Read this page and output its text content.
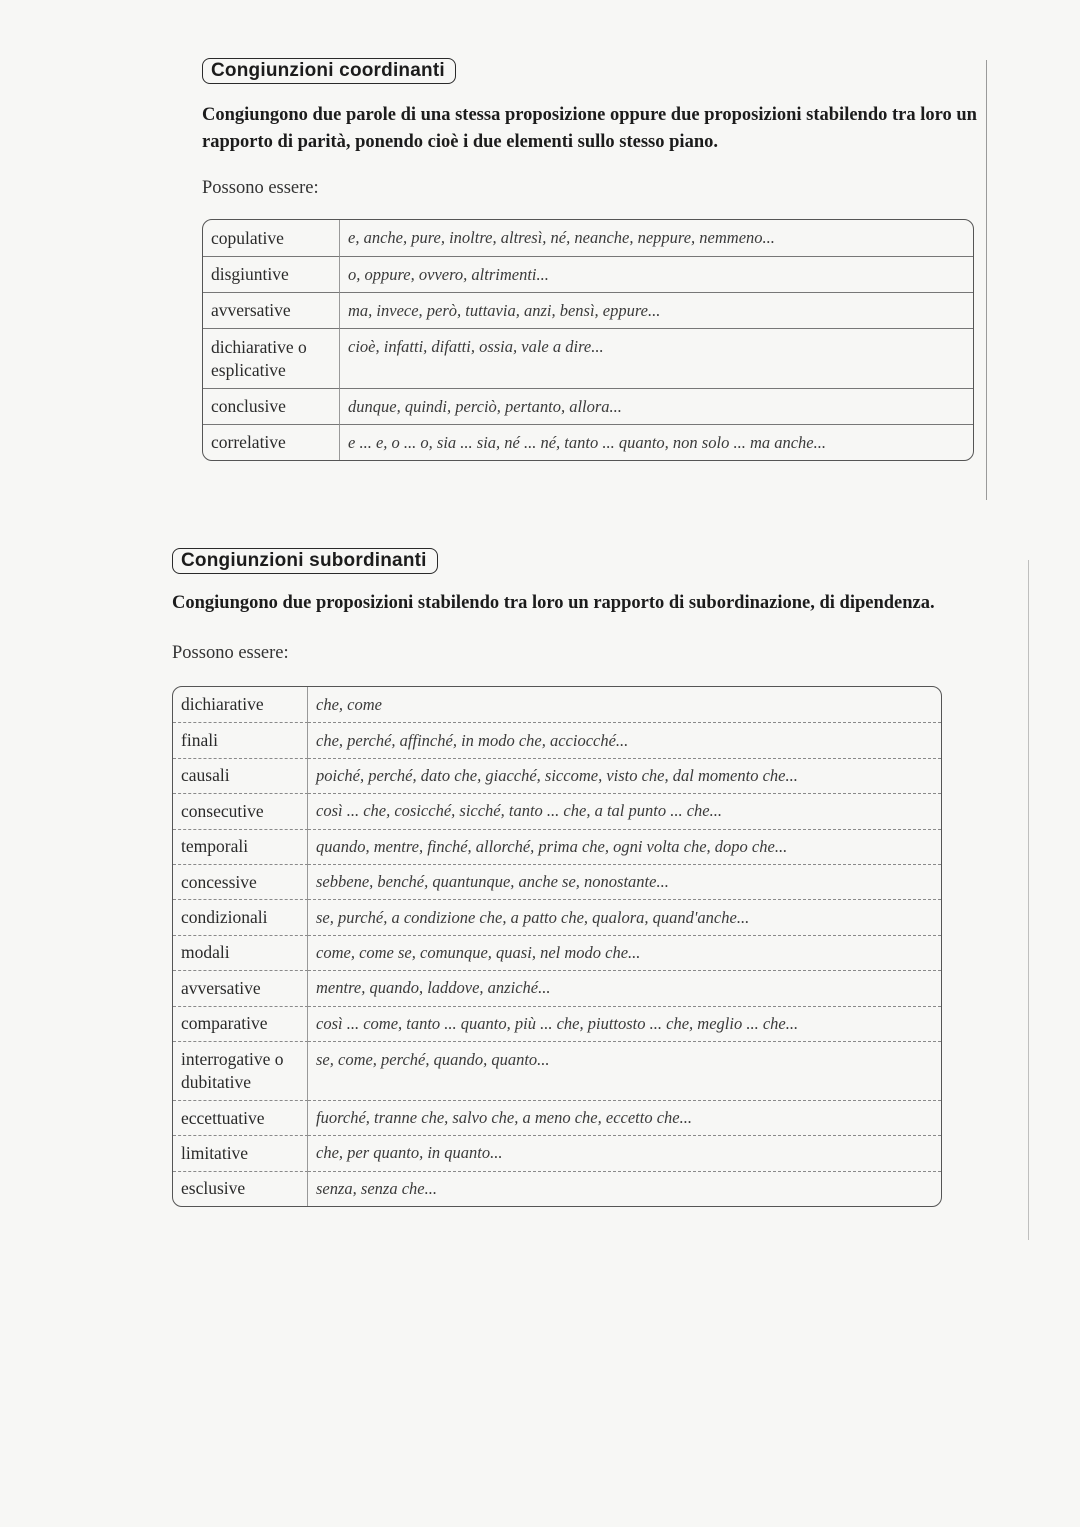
Congiunzioni coordinanti
Congiungono due parole di una stessa proposizione oppure due proposizioni stabilendo tra loro un rapporto di parità, ponendo cioè i due elementi sullo stesso piano.
Possono essere:
copulative	e, anche, pure, inoltre, altresì, né, neanche, neppure, nemmeno...
disgiuntive	o, oppure, ovvero, altrimenti...
avversative	ma, invece, però, tuttavia, anzi, bensì, eppure...
dichiarative o esplicative	cioè, infatti, difatti, ossia, vale a dire...
conclusive	dunque, quindi, perciò, pertanto, allora...
correlative	e ... e, o ... o, sia ... sia, né ... né, tanto ... quanto, non solo ... ma anche...
Congiunzioni subordinanti
Congiungono due proposizioni stabilendo tra loro un rapporto di subordinazione, di dipendenza.
Possono essere:
dichiarative	che, come
finali	che, perché, affinché, in modo che, acciocché...
causali	poiché, perché, dato che, giacché, siccome, visto che, dal momento che...
consecutive	così ... che, cosicché, sicché, tanto ... che, a tal punto ... che...
temporali	quando, mentre, finché, allorché, prima che, ogni volta che, dopo che...
concessive	sebbene, benché, quantunque, anche se, nonostante...
condizionali	se, purché, a condizione che, a patto che, qualora, quand'anche...
modali	come, come se, comunque, quasi, nel modo che...
avversative	mentre, quando, laddove, anziché...
comparative	così ... come, tanto ... quanto, più ... che, piuttosto ... che, meglio ... che...
interrogative o dubitative	se, come, perché, quando, quanto...
eccettuative	fuorché, tranne che, salvo che, a meno che, eccetto che...
limitative	che, per quanto, in quanto...
esclusive	senza, senza che...
